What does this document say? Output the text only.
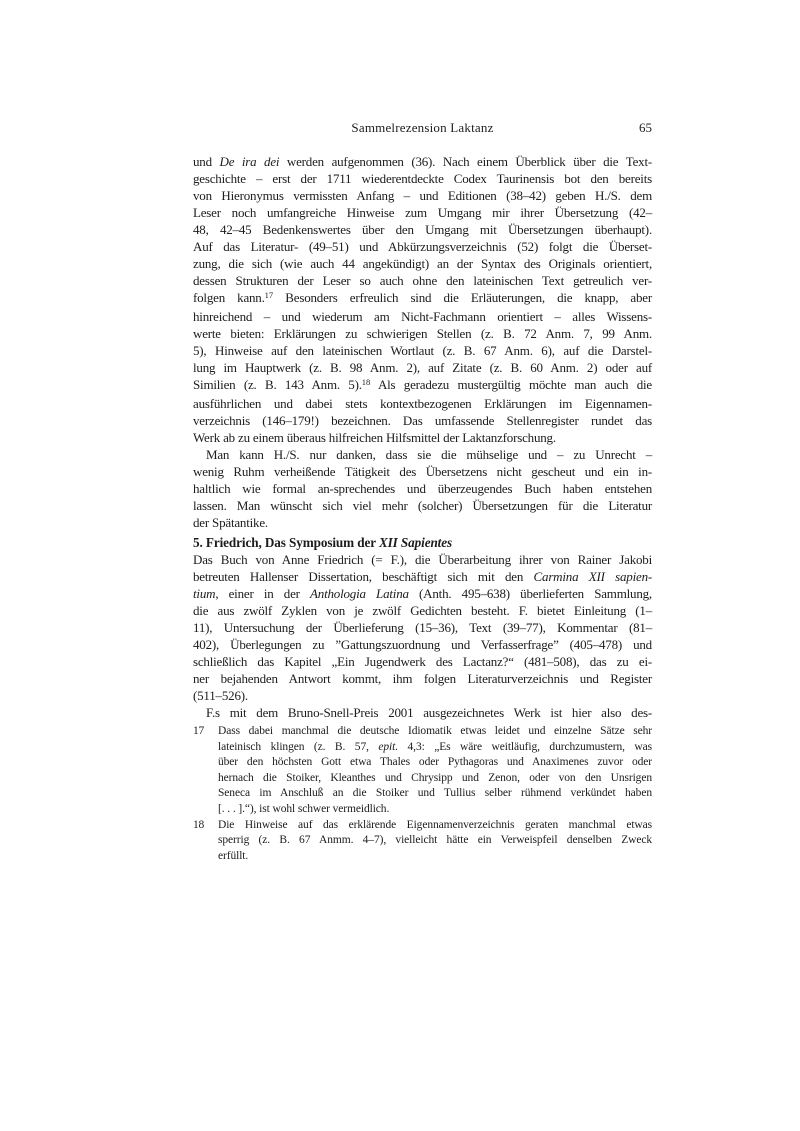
Sammelrezension Laktanz	65
und De ira dei werden aufgenommen (36). Nach einem Überblick über die Text-
geschichte – erst der 1711 wiederentdeckte Codex Taurinensis bot den bereits
von Hieronymus vermissten Anfang – und Editionen (38–42) geben H./S. dem
Leser noch umfangreiche Hinweise zum Umgang mir ihrer Übersetzung (42–
48, 42–45 Bedenkenswertes über den Umgang mit Übersetzungen überhaupt).
Auf das Literatur- (49–51) und Abkürzungsverzeichnis (52) folgt die Überset-
zung, die sich (wie auch 44 angekündigt) an der Syntax des Originals orientiert,
dessen Strukturen der Leser so auch ohne den lateinischen Text getreulich ver-
folgen kann.$^{17}$ Besonders erfreulich sind die Erläuterungen, die knapp, aber
hinreichend – und wiederum am Nicht-Fachmann orientiert – alles Wissens-
werte bieten: Erklärungen zu schwierigen Stellen (z. B. 72 Anm. 7, 99 Anm.
5), Hinweise auf den lateinischen Wortlaut (z. B. 67 Anm. 6), auf die Darstel-
lung im Hauptwerk (z. B. 98 Anm. 2), auf Zitate (z. B. 60 Anm. 2) oder auf
Similien (z. B. 143 Anm. 5).$^{18}$ Als geradezu mustergültig möchte man auch die
ausführlichen und dabei stets kontextbezogenen Erklärungen im Eigennamen-
verzeichnis (146–179!) bezeichnen. Das umfassende Stellenregister rundet das
Werk ab zu einem überaus hilfreichen Hilfsmittel der Laktanzforschung.
Man kann H./S. nur danken, dass sie die mühselige und – zu Unrecht –
wenig Ruhm verheißende Tätigkeit des Übersetzens nicht gescheut und ein in-
haltlich wie formal an-sprechendes und überzeugendes Buch haben entstehen
lassen. Man wünscht sich viel mehr (solcher) Übersetzungen für die Literatur
der Spätantike.
5. Friedrich, Das Symposium der XII Sapientes
Das Buch von Anne Friedrich (= F.), die Überarbeitung ihrer von Rainer Jakobi
betreuten Hallenser Dissertation, beschäftigt sich mit den Carmina XII sapien-
tium, einer in der Anthologia Latina (Anth. 495–638) überlieferten Sammlung,
die aus zwölf Zyklen von je zwölf Gedichten besteht. F. bietet Einleitung (1–
11), Untersuchung der Überlieferung (15–36), Text (39–77), Kommentar (81–
402), Überlegungen zu ”Gattungszuordnung und Verfasserfrage” (405–478) und
schließlich das Kapitel „Ein Jugendwerk des Lactanz?“ (481–508), das zu ei-
ner bejahenden Antwort kommt, ihm folgen Literaturverzeichnis und Register
(511–526).
F.s mit dem Bruno-Snell-Preis 2001 ausgezeichnetes Werk ist hier also des-
17	Dass dabei manchmal die deutsche Idiomatik etwas leidet und einzelne Sätze sehr
lateinisch klingen (z. B. 57, epit. 4,3: „Es wäre weitläufig, durchzumustern, was
über den höchsten Gott etwa Thales oder Pythagoras und Anaximenes zuvor oder
hernach die Stoiker, Kleanthes und Chrysipp und Zenon, oder von den Unsrigen
Seneca im Anschluß an die Stoiker und Tullius selber rühmend verkündet haben
[. . . ].“), ist wohl schwer vermeidlich.
18	Die Hinweise auf das erklärende Eigennamenverzeichnis geraten manchmal etwas
sperrig (z. B. 67 Anmm. 4–7), vielleicht hätte ein Verweispfeil denselben Zweck
erfüllt.
